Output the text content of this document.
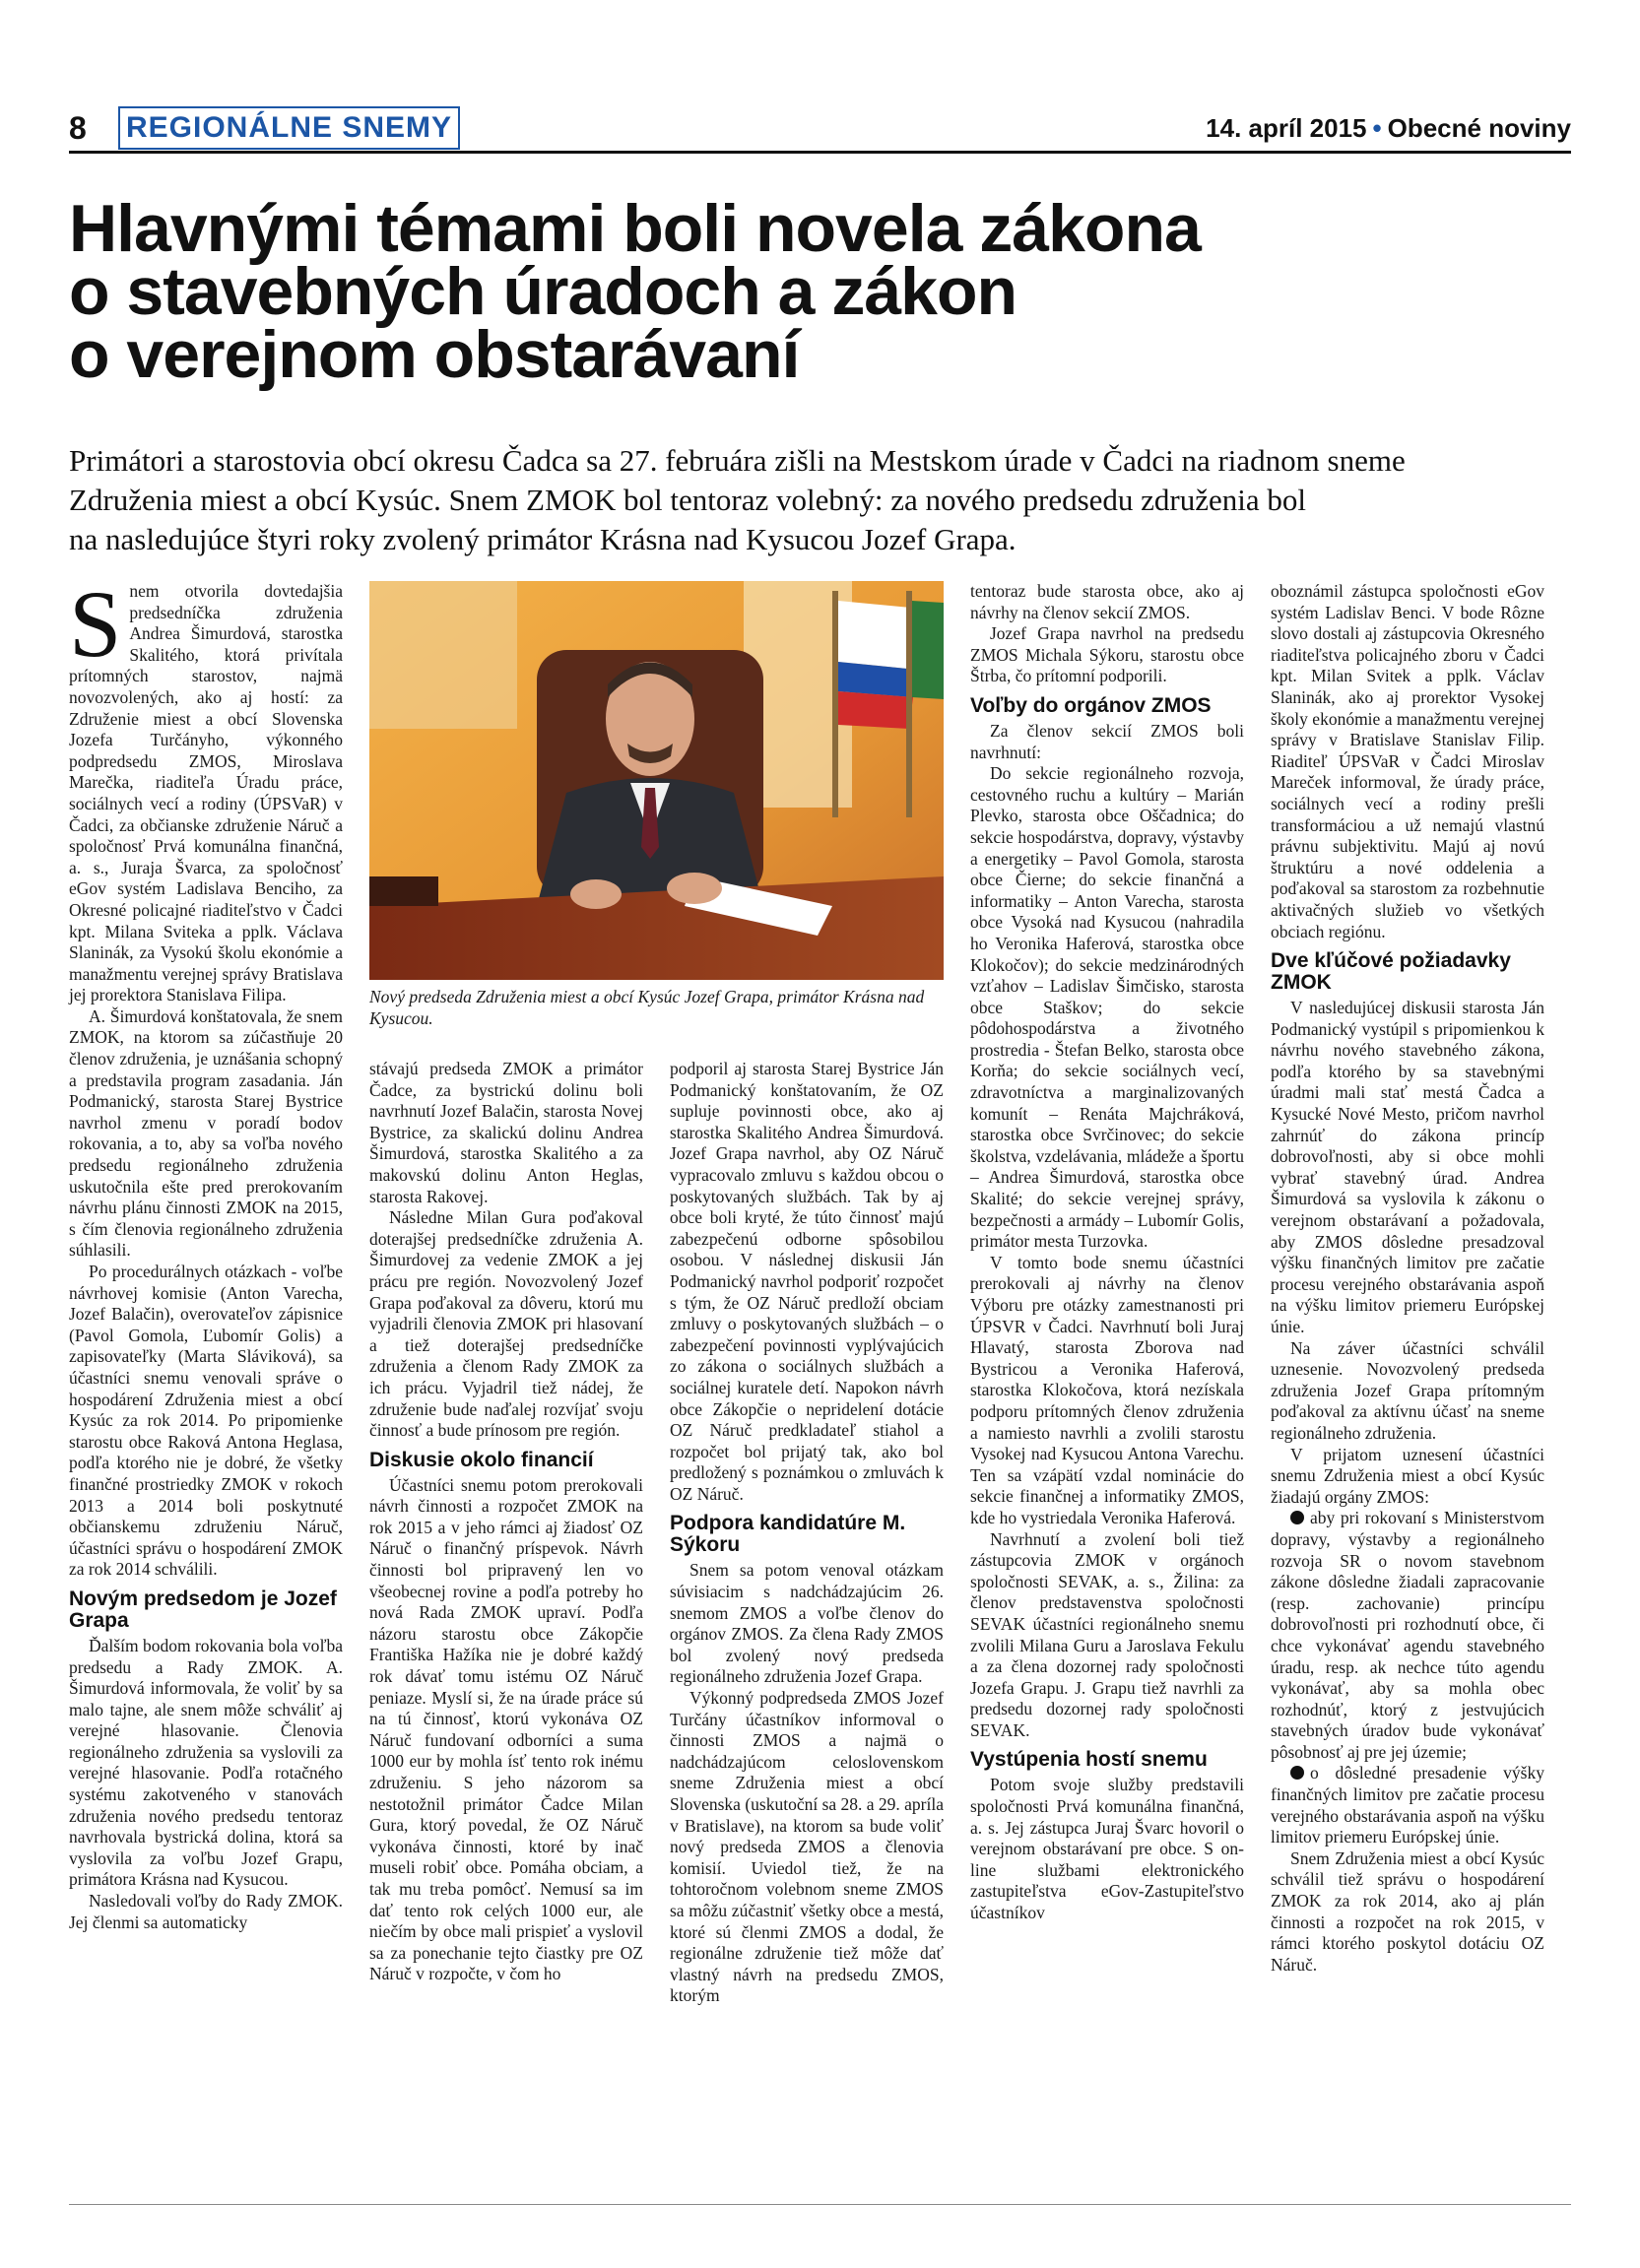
8 REGIONÁLNE SNEMY	14. apríl 2015 • Obecné noviny
Hlavnými témami boli novela zákona
o stavebných úradoch a zákon
o verejnom obstarávaní

Primátori a starostovia obcí okresu Čadca sa 27. februára zišli na Mestskom úrade v Čadci na riadnom sneme
Združenia miest a obcí Kysúc. Snem ZMOK bol tentoraz volebný: za nového predsedu združenia bol
na nasledujúce štyri roky zvolený primátor Krásna nad Kysucou Jozef Grapa.

Snem otvorila dovtedajšia predsedníčka združenia Andrea Šimurdová, starostka Skalitého, ktorá privítala prítomných starostov, najmä novozvolených, ako aj hostí: za Združenie miest a obcí Slovenska Jozefa Turčányho, výkonného podpredsedu ZMOS, Miroslava Marečka, riaditeľa Úradu práce, sociálnych vecí a rodiny (ÚPSVaR) v Čadci, za občianske združenie Náruč a spoločnosť Prvá komunálna finančná, a. s., Juraja Švarca, za spoločnosť eGov systém Ladislava Benciho, za Okresné policajné riaditeľstvo v Čadci kpt. Milana Sviteka a pplk. Václava Slaninák, za Vysokú školu ekonómie a manažmentu verejnej správy Bratislava jej prorektora Stanislava Filipa.

A. Šimurdová konštatovala, že snem ZMOK, na ktorom sa zúčastňuje 20 členov združenia, je uznášania schopný a predstavila program zasadania. Ján Podmanický, starosta Starej Bystrice navrhol zmenu v poradí bodov rokovania, a to, aby sa voľba nového predsedu regionálneho združenia uskutočnila ešte pred prerokovaním návrhu plánu činnosti ZMOK na 2015, s čím členovia regionálneho združenia súhlasili.

Po procedurálnych otázkach - voľbe návrhovej komisie (Anton Varecha, Jozef Balačin), overovateľov zápisnice (Pavol Gomola, Ľubomír Golis) a zapisovateľky (Marta Sláviková), sa účastníci snemu venovali správe o hospodárení Združenia miest a obcí Kysúc za rok 2014. Po pripomienke starostu obce Raková Antona Heglasa, podľa ktorého nie je dobré, že všetky finančné prostriedky ZMOK v rokoch 2013 a 2014 boli poskytnuté občianskemu združeniu Náruč, účastníci správu o hospodárení ZMOK za rok 2014 schválili.

Novým predsedom je Jozef Grapa

Ďalším bodom rokovania bola voľba predsedu a Rady ZMOK. A. Šimurdová informovala, že voliť by sa malo tajne, ale snem môže schváliť aj verejné hlasovanie. Členovia regionálneho združenia sa vyslovili za verejné hlasovanie. Podľa rotačného systému zakotveného v stanovách združenia nového predsedu tentoraz navrhovala bystrická dolina, ktorá sa vyslovila za voľbu Jozef Grapu, primátora Krásna nad Kysucou.

Nasledovali voľby do Rady ZMOK. Jej členmi sa automaticky

Nový predseda Združenia miest a obcí Kysúc Jozef Grapa, primátor Krásna nad Kysucou.

stávajú predseda ZMOK a primátor Čadce, za bystrickú dolinu boli navrhnutí Jozef Balačin, starosta Novej Bystrice, za skalickú dolinu Andrea Šimurdová, starostka Skalitého a za makovskú dolinu Anton Heglas, starosta Rakovej.

Následne Milan Gura poďakoval doterajšej predsedníčke združenia A. Šimurdovej za vedenie ZMOK a jej prácu pre región. Novozvolený Jozef Grapa poďakoval za dôveru, ktorú mu vyjadrili členovia ZMOK pri hlasovaní a tiež doterajšej predsedníčke združenia a členom Rady ZMOK za ich prácu. Vyjadril tiež nádej, že združenie bude naďalej rozvíjať svoju činnosť a bude prínosom pre región.

Diskusie okolo financií

Účastníci snemu potom prerokovali návrh činnosti a rozpočet ZMOK na rok 2015 a v jeho rámci aj žiadosť OZ Náruč o finančný príspevok. Návrh činnosti bol pripravený len vo všeobecnej rovine a podľa potreby ho nová Rada ZMOK upraví. Podľa názoru starostu obce Zákopčie Františka Hažíka nie je dobré každý rok dávať tomu istému OZ Náruč peniaze. Myslí si, že na úrade práce sú na tú činnosť, ktorú vykonáva OZ Náruč fundovaní odborníci a suma 1000 eur by mohla ísť tento rok inému združeniu. S jeho názorom sa nestotožnil primátor Čadce Milan Gura, ktorý povedal, že OZ Náruč vykonáva činnosti, ktoré by inač museli robiť obce. Pomáha obciam, a tak mu treba pomôcť. Nemusí sa im dať tento rok celých 1000 eur, ale niečím by obce mali prispieť a vyslovil sa za ponechanie tejto čiastky pre OZ Náruč v rozpočte, v čom ho

podporil aj starosta Starej Bystrice Ján Podmanický konštatovaním, že OZ supluje povinnosti obce, ako aj starostka Skalitého Andrea Šimurdová. Jozef Grapa navrhol, aby OZ Náruč vypracovalo zmluvu s každou obcou o poskytovaných službách. Tak by aj obce boli kryté, že túto činnosť majú zabezpečenú odborne spôsobilou osobou. V následnej diskusii Ján Podmanický navrhol podporiť rozpočet s tým, že OZ Náruč predloží obciam zmluvy o poskytovaných službách – o zabezpečení povinnosti vyplývajúcich zo zákona o sociálnych službách a sociálnej kuratele detí. Napokon návrh obce Zákopčie o nepridelení dotácie OZ Náruč predkladateľ stiahol a rozpočet bol prijatý tak, ako bol predložený s poznámkou o zmluvách k OZ Náruč.

Podpora kandidatúre M. Sýkoru

Snem sa potom venoval otázkam súvisiacim s nadchádzajúcim 26. snemom ZMOS a voľbe členov do orgánov ZMOS. Za člena Rady ZMOS bol zvolený nový predseda regionálneho združenia Jozef Grapa.

Výkonný podpredseda ZMOS Jozef Turčány účastníkov informoval o činnosti ZMOS a najmä o nadchádzajúcom celoslovenskom sneme Združenia miest a obcí Slovenska (uskutoční sa 28. a 29. apríla v Bratislave), na ktorom sa bude voliť nový predseda ZMOS a členovia komisií. Uviedol tiež, že na tohtoročnom volebnom sneme ZMOS sa môžu zúčastniť všetky obce a mestá, ktoré sú členmi ZMOS a dodal, že regionálne združenie tiež môže dať vlastný návrh na predsedu ZMOS, ktorým

tentoraz bude starosta obce, ako aj návrhy na členov sekcií ZMOS.

Jozef Grapa navrhol na predsedu ZMOS Michala Sýkoru, starostu obce Štrba, čo prítomní podporili.

Voľby do orgánov ZMOS

Za členov sekcií ZMOS boli navrhnutí:

Do sekcie regionálneho rozvoja, cestovného ruchu a kultúry – Marián Plevko, starosta obce Oščadnica; do sekcie hospodárstva, dopravy, výstavby a energetiky – Pavol Gomola, starosta obce Čierne; do sekcie finančná a informatiky – Anton Varecha, starosta obce Vysoká nad Kysucou (nahradila ho Veronika Haferová, starostka obce Klokočov); do sekcie medzinárodných vzťahov – Ladislav Šimčisko, starosta obce Staškov; do sekcie pôdohospodárstva a životného prostredia - Štefan Belko, starosta obce Korňa; do sekcie sociálnych vecí, zdravotníctva a marginalizovaných komunít – Renáta Majchráková, starostka obce Svrčinovec; do sekcie školstva, vzdelávania, mládeže a športu – Andrea Šimurdová, starostka obce Skalité; do sekcie verejnej správy, bezpečnosti a armády – Lubomír Golis, primátor mesta Turzovka.

V tomto bode snemu účastníci prerokovali aj návrhy na členov Výboru pre otázky zamestnanosti pri ÚPSVR v Čadci. Navrhnutí boli Juraj Hlavatý, starosta Zborova nad Bystricou a Veronika Haferová, starostka Klokočova, ktorá nezískala podporu prítomných členov združenia a namiesto navrhli a zvolili starostu Vysokej nad Kysucou Antona Varechu. Ten sa vzápätí vzdal nominácie do sekcie finančnej a informatiky ZMOS, kde ho vystriedala Veronika Haferová.

Navrhnutí a zvolení boli tiež zástupcovia ZMOK v orgánoch spoločnosti SEVAK, a. s., Žilina: za členov predstavenstva spoločnosti SEVAK účastníci regionálneho snemu zvolili Milana Guru a Jaroslava Fekulu a za člena dozornej rady spoločnosti Jozefa Grapu. J. Grapu tiež navrhli za predsedu dozornej rady spoločnosti SEVAK.

Vystúpenia hostí snemu

Potom svoje služby predstavili spoločnosti Prvá komunálna finančná, a. s. Jej zástupca Juraj Švarc hovoril o verejnom obstarávaní pre obce. S on-line službami elektronického zastupiteľstva eGov-Zastupiteľstvo účastníkov

oboznámil zástupca spoločnosti eGov systém Ladislav Benci. V bode Rôzne slovo dostali aj zástupcovia Okresného riaditeľstva policajného zboru v Čadci kpt. Milan Svitek a pplk. Václav Slaninák, ako aj prorektor Vysokej školy ekonómie a manažmentu verejnej správy v Bratislave Stanislav Filip. Riaditeľ ÚPSVaR v Čadci Miroslav Mareček informoval, že úrady práce, sociálnych vecí a rodiny prešli transformáciou a už nemajú vlastnú právnu subjektivitu. Majú aj novú štruktúru a nové oddelenia a poďakoval sa starostom za rozbehnutie aktivačných služieb vo všetkých obciach regiónu.

Dve kľúčové požiadavky ZMOK

V nasledujúcej diskusii starosta Ján Podmanický vystúpil s pripomienkou k návrhu nového stavebného zákona, podľa ktorého by sa stavebnými úradmi mali stať mestá Čadca a Kysucké Nové Mesto, pričom navrhol zahrnúť do zákona princíp dobrovoľnosti, aby si obce mohli vybrať stavebný úrad. Andrea Šimurdová sa vyslovila k zákonu o verejnom obstarávaní a požadovala, aby ZMOS dôsledne presadzoval výšku finančných limitov pre začatie procesu verejného obstarávania aspoň na výšku limitov priemeru Európskej únie.

Na záver účastníci schválil uznesenie. Novozvolený predseda združenia Jozef Grapa prítomným poďakoval za aktívnu účasť na sneme regionálneho združenia.

V prijatom uznesení účastníci snemu Združenia miest a obcí Kysúc žiadajú orgány ZMOS:

aby pri rokovaní s Ministerstvom dopravy, výstavby a regionálneho rozvoja SR o novom stavebnom zákone dôsledne žiadali zapracovanie (resp. zachovanie) princípu dobrovoľnosti pri rozhodnutí obce, či chce vykonávať agendu stavebného úradu, resp. ak nechce túto agendu vykonávať, aby sa mohla obec rozhodnúť, ktorý z jestvujúcich stavebných úradov bude vykonávať pôsobnosť aj pre jej územie;

o dôsledné presadenie výšky finančných limitov pre začatie procesu verejného obstarávania aspoň na výšku limitov priemeru Európskej únie.

Snem Združenia miest a obcí Kysúc schválil tiež správu o hospodárení ZMOK za rok 2014, ako aj plán činnosti a rozpočet na rok 2015, v rámci ktorého poskytol dotáciu OZ Náruč.
